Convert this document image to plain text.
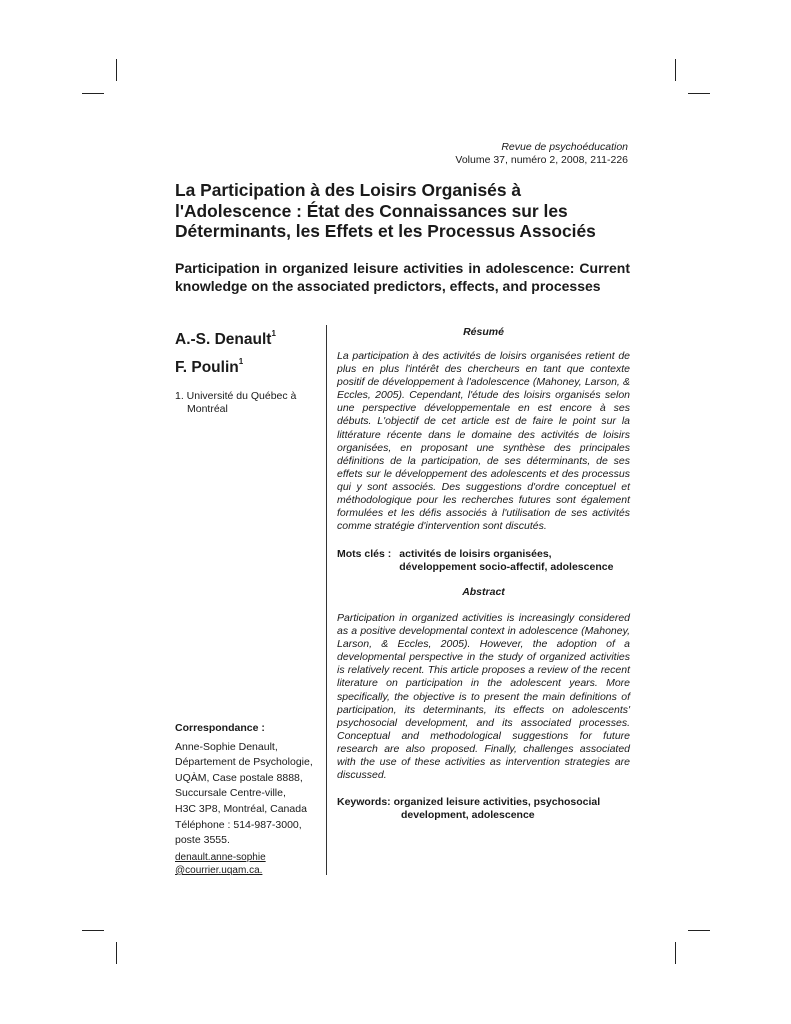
Revue de psychoéducation
Volume 37, numéro 2, 2008, 211-226
La Participation à des Loisirs Organisés à l'Adolescence : État des Connaissances sur les Déterminants, les Effets et les Processus Associés
Participation in organized leisure activities in adolescence: Current knowledge on the associated predictors, effects, and processes
A.-S. Denault$^1$
F. Poulin$^1$
1. Université du Québec à
Montréal
Correspondance :
Anne-Sophie Denault,
Département de Psychologie,
UQÀM, Case postale 8888,
Succursale Centre-ville,
H3C 3P8, Montréal, Canada
Téléphone : 514-987-3000,
poste 3555.
denault.anne-sophie
@courrier.uqam.ca.
Résumé

La participation à des activités de loisirs organisées retient de plus en plus l'intérêt des chercheurs en tant que contexte positif de développement à l'adolescence (Mahoney, Larson, & Eccles, 2005). Cependant, l'étude des loisirs organisés selon une perspective développementale en est encore à ses débuts. L'objectif de cet article est de faire le point sur la littérature récente dans le domaine des activités de loisirs organisées, en proposant une synthèse des principales définitions de la participation, de ses déterminants, de ses effets sur le développement des adolescents et des processus qui y sont associés. Des suggestions d'ordre conceptuel et méthodologique pour les recherches futures sont également formulées et les défis associés à l'utilisation de ses activités comme stratégie d'intervention sont discutés.

Mots clés : activités de loisirs organisées,
développement socio-affectif, adolescence
Abstract

Participation in organized activities is increasingly considered as a positive developmental context in adolescence (Mahoney, Larson, & Eccles, 2005). However, the adoption of a developmental perspective in the study of organized activities is relatively recent. This article proposes a review of the recent literature on participation in the adolescent years. More specifically, the objective is to present the main definitions of participation, its determinants, its effects on adolescents' psychosocial development, and its associated processes. Conceptual and methodological suggestions for future research are also proposed. Finally, challenges associated with the use of these activities as intervention strategies are discussed.

Keywords: organized leisure activities, psychosocial
development, adolescence
